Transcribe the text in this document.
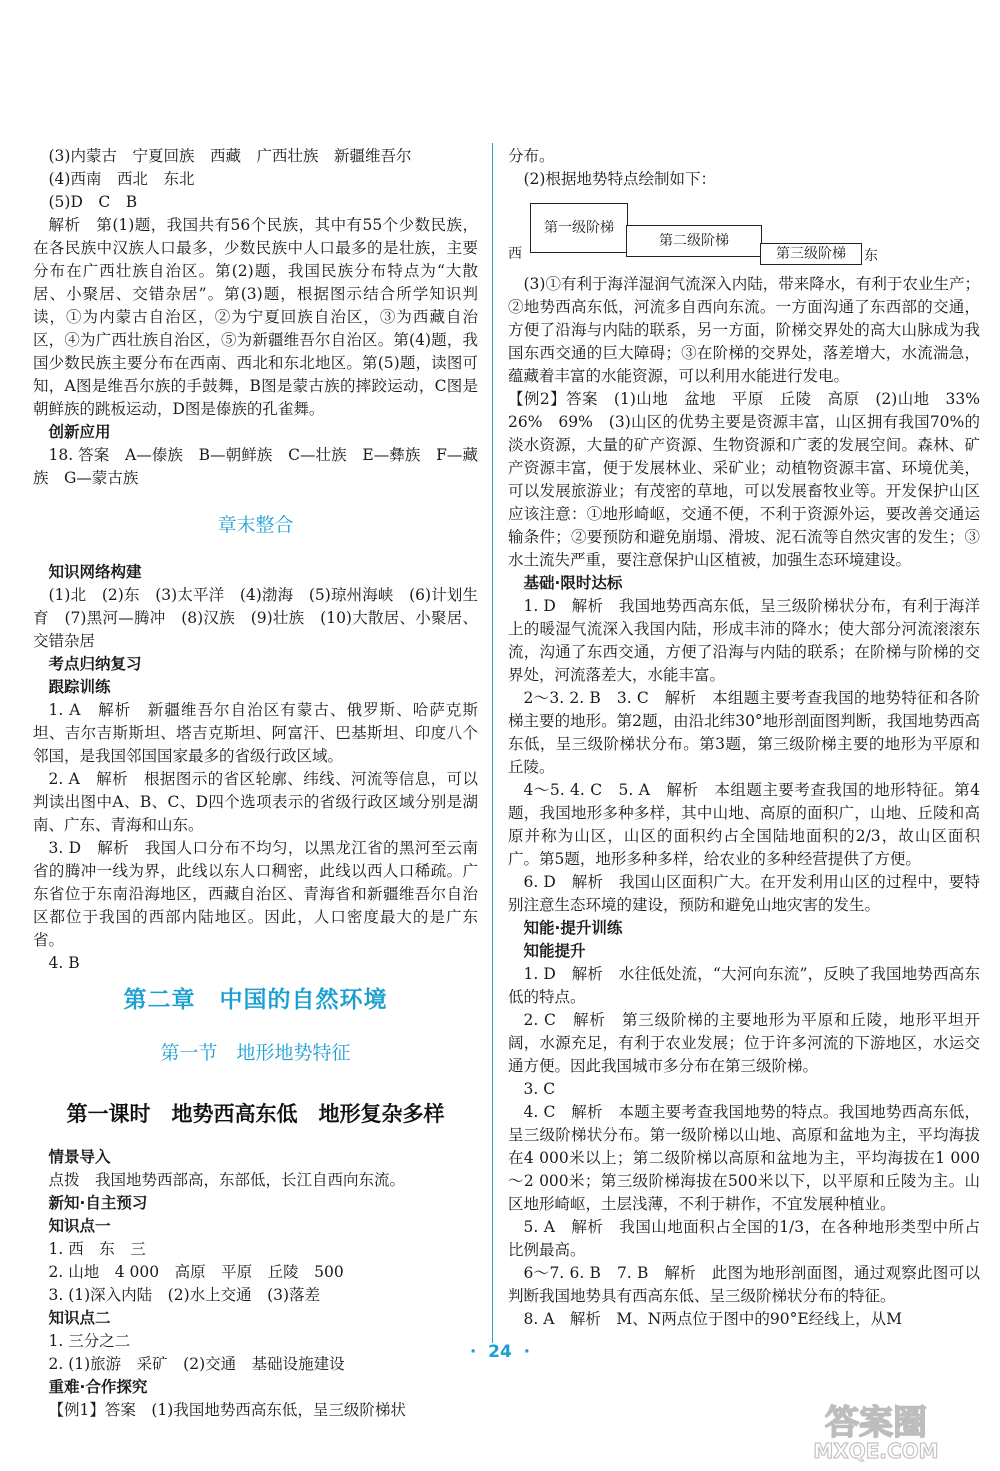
(3)内蒙古　宁夏回族　西藏　广西壮族　新疆维吾尔

(4)西南　西北　东北

(5)D　C　B

解析　第(1)题，我国共有56个民族，其中有55个少数民族，在各民族中汉族人口最多，少数民族中人口最多的是壮族，主要分布在广西壮族自治区。第(2)题，我国民族分布特点为“大散居、小聚居、交错杂居”。第(3)题，根据图示结合所学知识判读，①为内蒙古自治区，②为宁夏回族自治区，③为西藏自治区，④为广西壮族自治区，⑤为新疆维吾尔自治区。第(4)题，我国少数民族主要分布在西南、西北和东北地区。第(5)题，读图可知，A图是维吾尔族的手鼓舞，B图是蒙古族的摔跤运动，C图是朝鲜族的跳板运动，D图是傣族的孔雀舞。

创新应用

18. 答案　A—傣族　B—朝鲜族　C—壮族　E—彝族　F—藏族　G—蒙古族

章末整合

知识网络构建

(1)北　(2)东　(3)太平洋　(4)渤海　(5)琼州海峡　(6)计划生育　(7)黑河—腾冲　(8)汉族　(9)壮族　(10)大散居、小聚居、交错杂居

考点归纳复习

跟踪训练

1. A　解析　新疆维吾尔自治区有蒙古、俄罗斯、哈萨克斯坦、吉尔吉斯斯坦、塔吉克斯坦、阿富汗、巴基斯坦、印度八个邻国，是我国邻国国家最多的省级行政区域。

2. A　解析　根据图示的省区轮廓、纬线、河流等信息，可以判读出图中A、B、C、D四个选项表示的省级行政区域分别是湖南、广东、青海和山东。

3. D　解析　我国人口分布不均匀，以黑龙江省的黑河至云南省的腾冲一线为界，此线以东人口稠密，此线以西人口稀疏。广东省位于东南沿海地区，西藏自治区、青海省和新疆维吾尔自治区都位于我国的西部内陆地区。因此，人口密度最大的是广东省。

4. B

第二章　中国的自然环境

第一节　地形地势特征

第一课时　地势西高东低　地形复杂多样

情景导入

点拨　我国地势西部高，东部低，长江自西向东流。

新知·自主预习

知识点一

1. 西　东　三

2. 山地　4 000　高原　平原　丘陵　500

3. (1)深入内陆　(2)水上交通　(3)落差

知识点二

1. 三分之二

2. (1)旅游　采矿　(2)交通　基础设施建设

重难·合作探究

【例1】答案　(1)我国地势西高东低，呈三级阶梯状

分布。

(2)根据地势特点绘制如下：

西
第一级阶梯
第二级阶梯
第三级阶梯 东

(3)①有利于海洋湿润气流深入内陆，带来降水，有利于农业生产；②地势西高东低，河流多自西向东流。一方面沟通了东西部的交通，方便了沿海与内陆的联系，另一方面，阶梯交界处的高大山脉成为我国东西交通的巨大障碍；③在阶梯的交界处，落差增大，水流湍急，蕴藏着丰富的水能资源，可以利用水能进行发电。

【例2】答案　(1)山地　盆地　平原　丘陵　高原　(2)山地　33%　26%　69%　(3)山区的优势主要是资源丰富，山区拥有我国70%的淡水资源，大量的矿产资源、生物资源和广袤的发展空间。森林、矿产资源丰富，便于发展林业、采矿业；动植物资源丰富、环境优美，可以发展旅游业；有茂密的草地，可以发展畜牧业等。开发保护山区应该注意：①地形崎岖，交通不便，不利于资源外运，要改善交通运输条件；②要预防和避免崩塌、滑坡、泥石流等自然灾害的发生；③水土流失严重，要注意保护山区植被，加强生态环境建设。

基础·限时达标

1. D　解析　我国地势西高东低，呈三级阶梯状分布，有利于海洋上的暖湿气流深入我国内陆，形成丰沛的降水；使大部分河流滚滚东流，沟通了东西交通，方便了沿海与内陆的联系；在阶梯与阶梯的交界处，河流落差大，水能丰富。

2～3. 2. B　3. C　解析　本组题主要考查我国的地势特征和各阶梯主要的地形。第2题，由沿北纬30°地形剖面图判断，我国地势西高东低，呈三级阶梯状分布。第3题，第三级阶梯主要的地形为平原和丘陵。

4～5. 4. C　5. A　解析　本组题主要考查我国的地形特征。第4题，我国地形多种多样，其中山地、高原的面积广，山地、丘陵和高原并称为山区，山区的面积约占全国陆地面积的2/3，故山区面积广。第5题，地形多种多样，给农业的多种经营提供了方便。

6. D　解析　我国山区面积广大。在开发利用山区的过程中，要特别注意生态环境的建设，预防和避免山地灾害的发生。

知能·提升训练

知能提升

1. D　解析　水往低处流，“大河向东流”，反映了我国地势西高东低的特点。

2. C　解析　第三级阶梯的主要地形为平原和丘陵，地形平坦开阔，水源充足，有利于农业发展；位于许多河流的下游地区，水运交通方便。因此我国城市多分布在第三级阶梯。

3. C

4. C　解析　本题主要考查我国地势的特点。我国地势西高东低，呈三级阶梯状分布。第一级阶梯以山地、高原和盆地为主，平均海拔在4 000米以上；第二级阶梯以高原和盆地为主，平均海拔在1 000～2 000米；第三级阶梯海拔在500米以下，以平原和丘陵为主。山区地形崎岖，土层浅薄，不利于耕作，不宜发展种植业。

5. A　解析　我国山地面积占全国的1/3，在各种地形类型中所占比例最高。

6～7. 6. B　7. B　解析　此图为地形剖面图，通过观察此图可以判断我国地势具有西高东低、呈三级阶梯状分布的特征。

8. A　解析　M、N两点位于图中的90°E经线上，从M

·  24  ·
答案圈
MXQE.COM
